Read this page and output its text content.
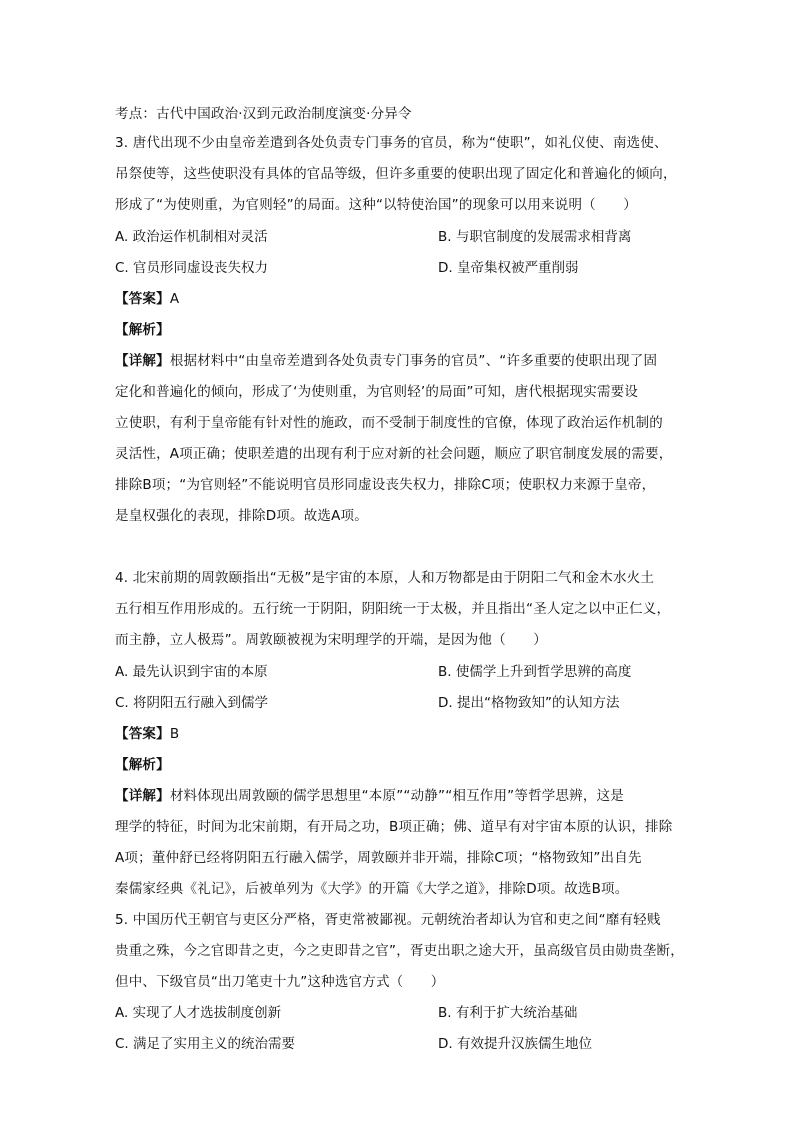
考点：古代中国政治·汉到元政治制度演变·分异令
3. 唐代出现不少由皇帝差遣到各处负责专门事务的官员，称为“使职”，如礼仪使、南选使、
吊祭使等，这些使职没有具体的官品等级，但许多重要的使职出现了固定化和普遍化的倾向，
形成了“为使则重，为官则轻”的局面。这种“以特使治国”的现象可以用来说明（　　）
A. 政治运作机制相对灵活	B. 与职官制度的发展需求相背离
C. 官员形同虚设丧失权力	D. 皇帝集权被严重削弱
【答案】A
【解析】
【详解】根据材料中“由皇帝差遣到各处负责专门事务的官员”、“许多重要的使职出现了固
定化和普遍化的倾向，形成了‘为使则重，为官则轻’的局面”可知，唐代根据现实需要设
立使职，有利于皇帝能有针对性的施政，而不受制于制度性的官僚，体现了政治运作机制的
灵活性，A项正确；使职差遣的出现有利于应对新的社会问题，顺应了职官制度发展的需要，
排除B项；“为官则轻”不能说明官员形同虚设丧失权力，排除C项；使职权力来源于皇帝，
是皇权强化的表现，排除D项。故选A项。
4. 北宋前期的周敦颐指出“无极”是宇宙的本原，人和万物都是由于阴阳二气和金木水火土
五行相互作用形成的。五行统一于阴阳，阴阳统一于太极，并且指出“圣人定之以中正仁义，
而主静，立人极焉”。周敦颐被视为宋明理学的开端，是因为他（　　）
A. 最先认识到宇宙的本原	B. 使儒学上升到哲学思辨的高度
C. 将阴阳五行融入到儒学	D. 提出“格物致知”的认知方法
【答案】B
【解析】
【详解】材料体现出周敦颐的儒学思想里“本原”“动静”“相互作用”等哲学思辨，这是
理学的特征，时间为北宋前期，有开局之功，B项正确；佛、道早有对宇宙本原的认识，排除
A项；董仲舒已经将阴阳五行融入儒学，周敦颐并非开端，排除C项；“格物致知”出自先
秦儒家经典《礼记》，后被单列为《大学》的开篇《大学之道》，排除D项。故选B项。
5. 中国历代王朝官与吏区分严格，胥吏常被鄙视。元朝统治者却认为官和吏之间“靡有轻贱
贵重之殊，今之官即昔之吏，今之吏即昔之官”，胥吏出职之途大开，虽高级官员由勋贵垄断，
但中、下级官员“出刀笔吏十九”这种选官方式（　　）
A. 实现了人才选拔制度创新	B. 有利于扩大统治基础
C. 满足了实用主义的统治需要	D. 有效提升汉族儒生地位
